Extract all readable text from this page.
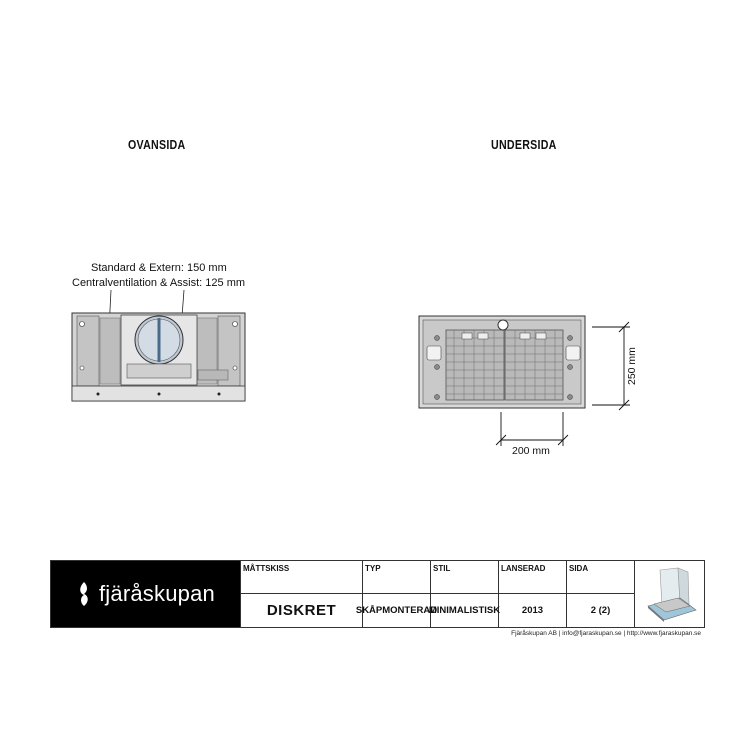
OVANSIDA	UNDERSIDA
Standard & Extern: 150 mm
Centralventilation & Assist: 125 mm
250 mm
200 mm
fjäråskupan
MÅTTSKISS
DISKRET
TYP
SKÅPMONTERAD
STIL
MINIMALISTISK
LANSERAD
2013
SIDA
2 (2)
Fjäråskupan AB | info@fjaraskupan.se | http://www.fjaraskupan.se
